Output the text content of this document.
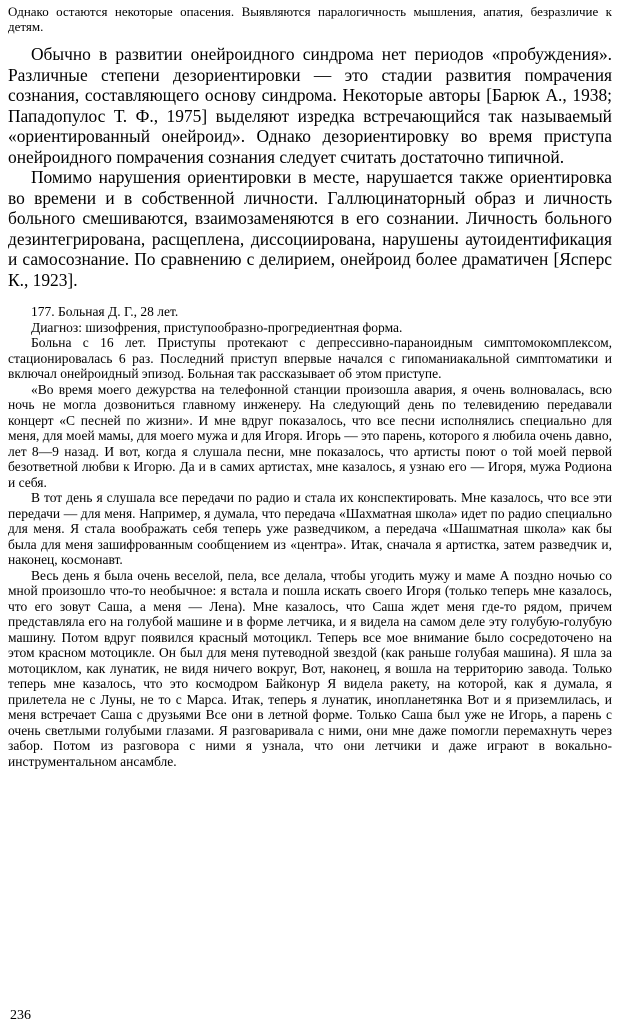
Однако остаются некоторые опасения. Выявляются паралогичность мышления, апатия, безразличие к детям.

Обычно в развитии онейроидного синдрома нет периодов «пробуждения». Различные степени дезориентировки — это стадии развития помрачения сознания, составляющего основу синдрома. Некоторые авторы [Барюк А., 1938; Пападопулос Т. Ф., 1975] выделяют изредка встречающийся так называемый «ориентированный онейроид». Однако дезориентировку во время приступа онейроидного помрачения сознания следует считать достаточно типичной.

Помимо нарушения ориентировки в месте, нарушается также ориентировка во времени и в собственной личности. Галлюцинаторный образ и личность больного смешиваются, взаимозаменяются в его сознании. Личность больного дезинтегрирована, расщеплена, диссоциирована, нарушены аутоидентификация и самосознание. По сравнению с делирием, онейроид более драматичен [Ясперс К., 1923].

177. Больная Д. Г., 28 лет.

Диагноз: шизофрения, приступообразно-прогредиентная форма.

Больна с 16 лет. Приступы протекают с депрессивно-параноидным симптомокомплексом, стационировалась 6 раз. Последний приступ впервые начался с гипоманиакальной симптоматики и включал онейроидный эпизод. Больная так рассказывает об этом приступе.

«Во время моего дежурства на телефонной станции произошла авария, я очень волновалась, всю ночь не могла дозвониться главному инженеру. На следующий день по телевидению передавали концерт «С песней по жизни». И мне вдруг показалось, что все песни исполнялись специально для меня, для моей мамы, для моего мужа и для Игоря. Игорь — это парень, которого я любила очень давно, лет 8—9 назад. И вот, когда я слушала песни, мне показалось, что артисты поют о той моей первой безответной любви к Игорю. Да и в самих артистах, мне казалось, я узнаю его — Игоря, мужа Родиона и себя.

В тот день я слушала все передачи по радио и стала их конспектировать. Мне казалось, что все эти передачи — для меня. Например, я думала, что передача «Шахматная школа» идет по радио специально для меня. Я стала воображать себя теперь уже разведчиком, а передача «Шашматная школа» как бы была для меня зашифрованным сообщением из «центра». Итак, сначала я артистка, затем разведчик и, наконец, космонавт.

Весь день я была очень веселой, пела, все делала, чтобы угодить мужу и маме А поздно ночью со мной произошло что-то необычное: я встала и пошла искать своего Игоря (только теперь мне казалось, что его зовут Саша, а меня — Лена). Мне казалось, что Саша ждет меня где-то рядом, причем представляла его на голубой машине и в форме летчика, и я видела на самом деле эту голубую-голубую машину. Потом вдруг появился красный мотоцикл. Теперь все мое внимание было сосредоточено на этом красном мотоцикле. Он был для меня путеводной звездой (как раньше голубая машина). Я шла за мотоциклом, как лунатик, не видя ничего вокруг, Вот, наконец, я вошла на территорию завода. Только теперь мне казалось, что это космодром Байконур Я видела ракету, на которой, как я думала, я прилетела не с Луны, не то с Марса. Итак, теперь я лунатик, инопланетянка Вот и я приземлилась, и меня встречает Саша с друзьями Все они в летной форме. Только Саша был уже не Игорь, а парень с очень светлыми голубыми глазами. Я разговаривала с ними, они мне даже помогли перемахнуть через забор. Потом из разговора с ними я узнала, что они летчики и даже играют в вокально-инструментальном ансамбле.

236
